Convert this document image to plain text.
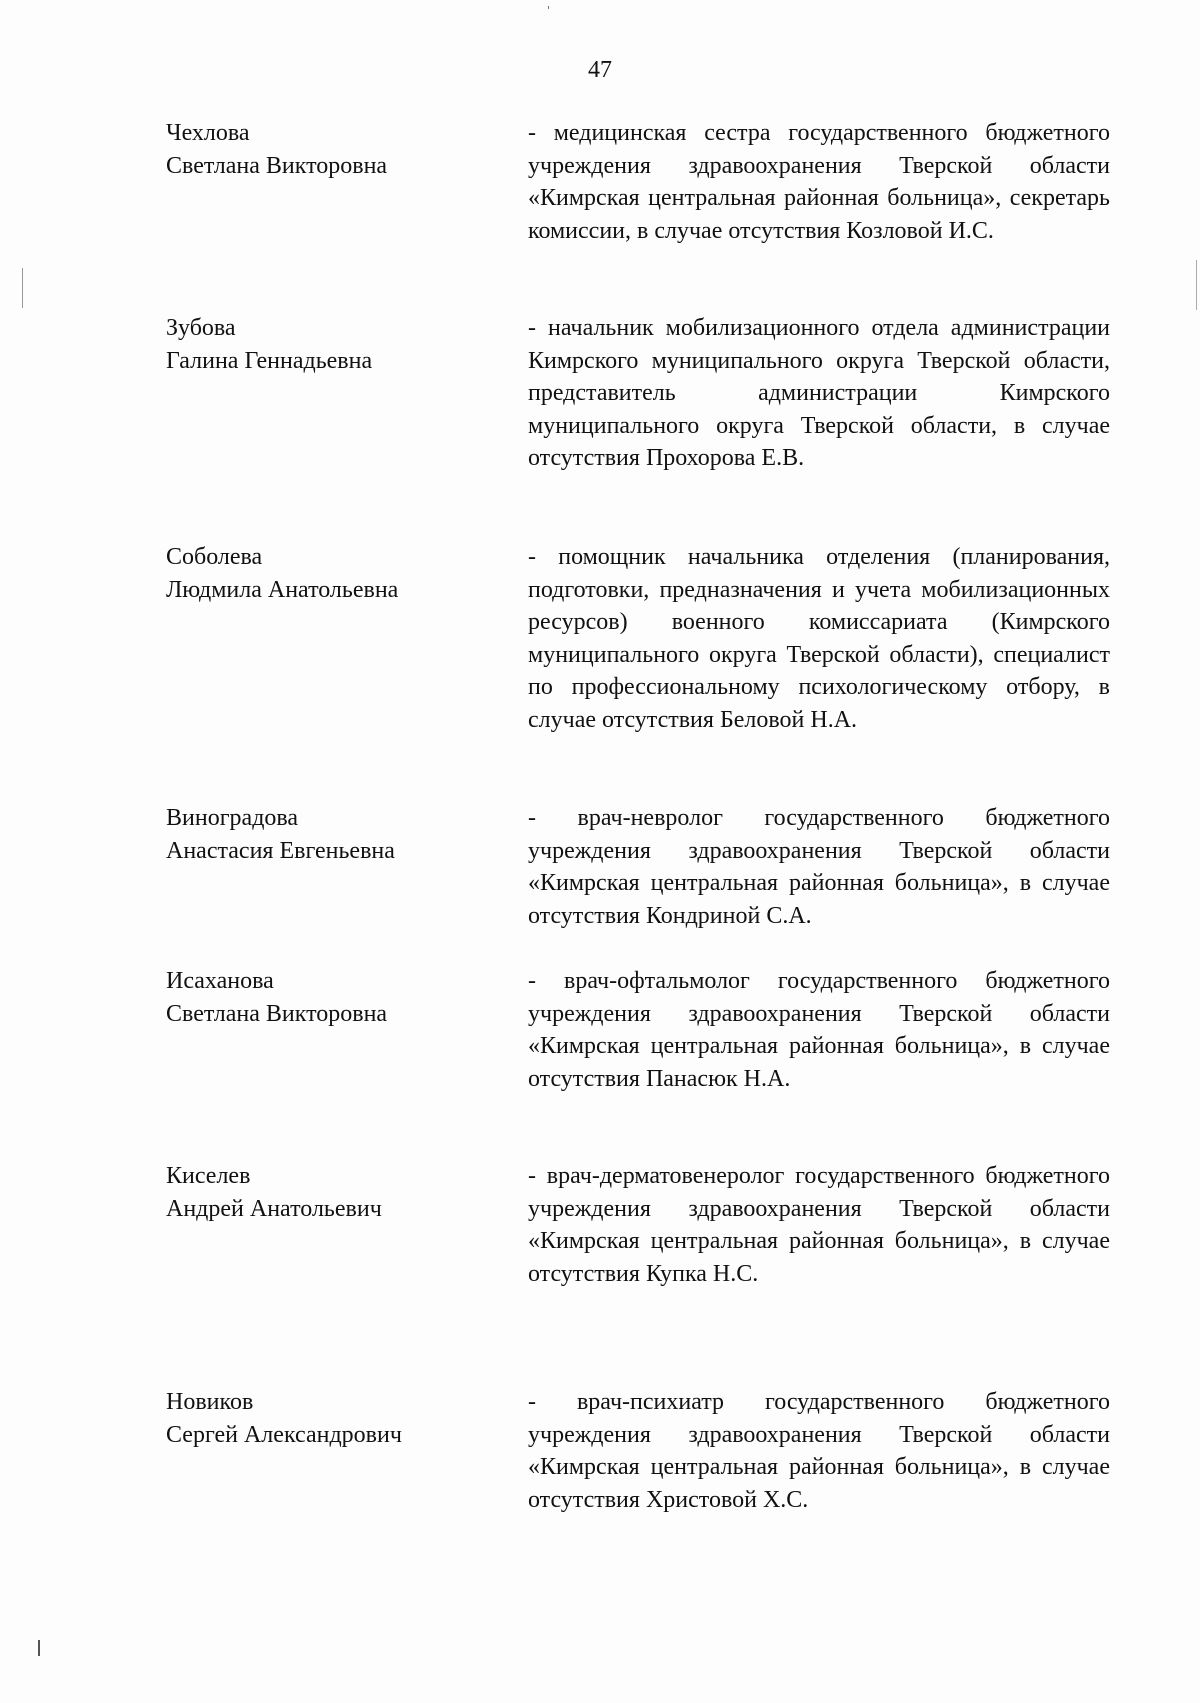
47
Чехлова
Светлана Викторовна
- медицинская сестра государственного бюджетного учреждения здравоохранения Тверской области «Кимрская центральная районная больница», секретарь комиссии, в случае отсутствия Козловой И.С.
Зубова
Галина Геннадьевна
- начальник мобилизационного отдела администрации Кимрского муниципального округа Тверской области, представитель администрации Кимрского муниципального округа Тверской области, в случае отсутствия Прохорова Е.В.
Соболева
Людмила Анатольевна
- помощник начальника отделения (планирования, подготовки, предназначения и учета мобилизационных ресурсов) военного комиссариата (Кимрского муниципального округа Тверской области), специалист по профессиональному психологическому отбору, в случае отсутствия Беловой Н.А.
Виноградова
Анастасия Евгеньевна
- врач-невролог государственного бюджетного учреждения здравоохранения Тверской области «Кимрская центральная районная больница», в случае отсутствия Кондриной С.А.
Исаханова
Светлана Викторовна
- врач-офтальмолог государственного бюджетного учреждения здравоохранения Тверской области «Кимрская центральная районная больница», в случае отсутствия Панасюк Н.А.
Киселев
Андрей Анатольевич
- врач-дерматовенеролог государственного бюджетного учреждения здравоохранения Тверской области «Кимрская центральная районная больница», в случае отсутствия Купка Н.С.
Новиков
Сергей Александрович
- врач-психиатр государственного бюджетного учреждения здравоохранения Тверской области «Кимрская центральная районная больница», в случае отсутствия Христовой Х.С.
